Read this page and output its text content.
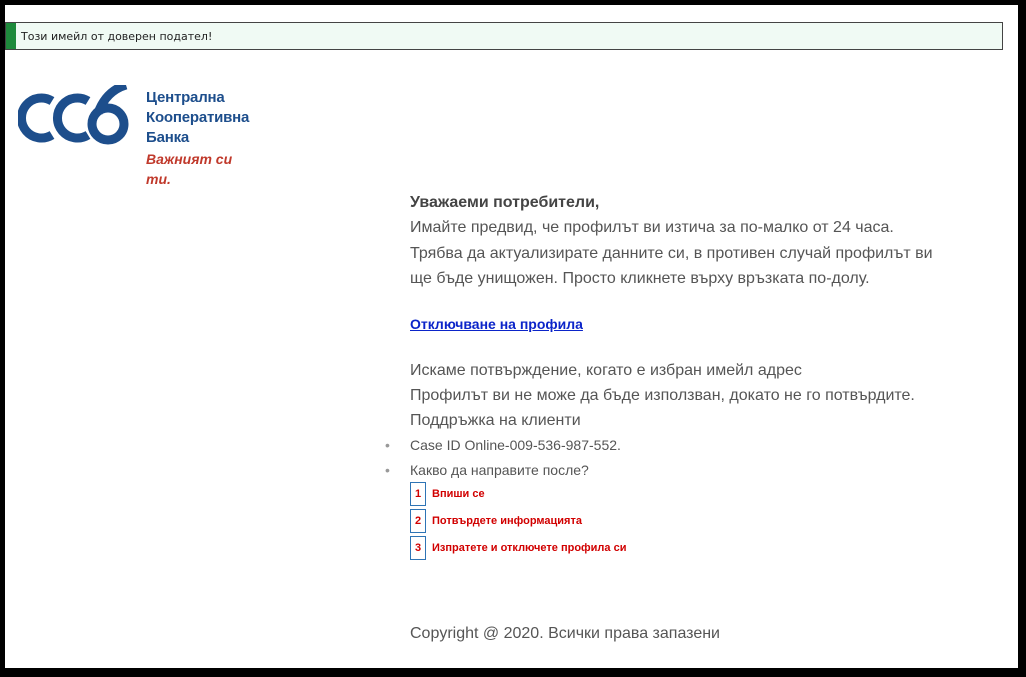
Този имейл от доверен подател!
Централна
Кооперативна
Банка
Важният си ти.
Уважаеми потребители,
Имайте предвид, че профилът ви изтича за по-малко от 24 часа.
Трябва да актуализирате данните си, в противен случай профилът ви
ще бъде унищожен. Просто кликнете върху връзката по-долу.
Отключване на профила
Искаме потвърждение, когато е избран имейл адрес
Профилът ви не може да бъде използван, докато не го потвърдите.
Поддръжка на клиенти
• Case ID Online-009-536-987-552.
• Какво да направите после?
1 Впиши се
2 Потвърдете информацията
3 Изпратете и отключете профила си
Copyright @ 2020. Всички права запазени
